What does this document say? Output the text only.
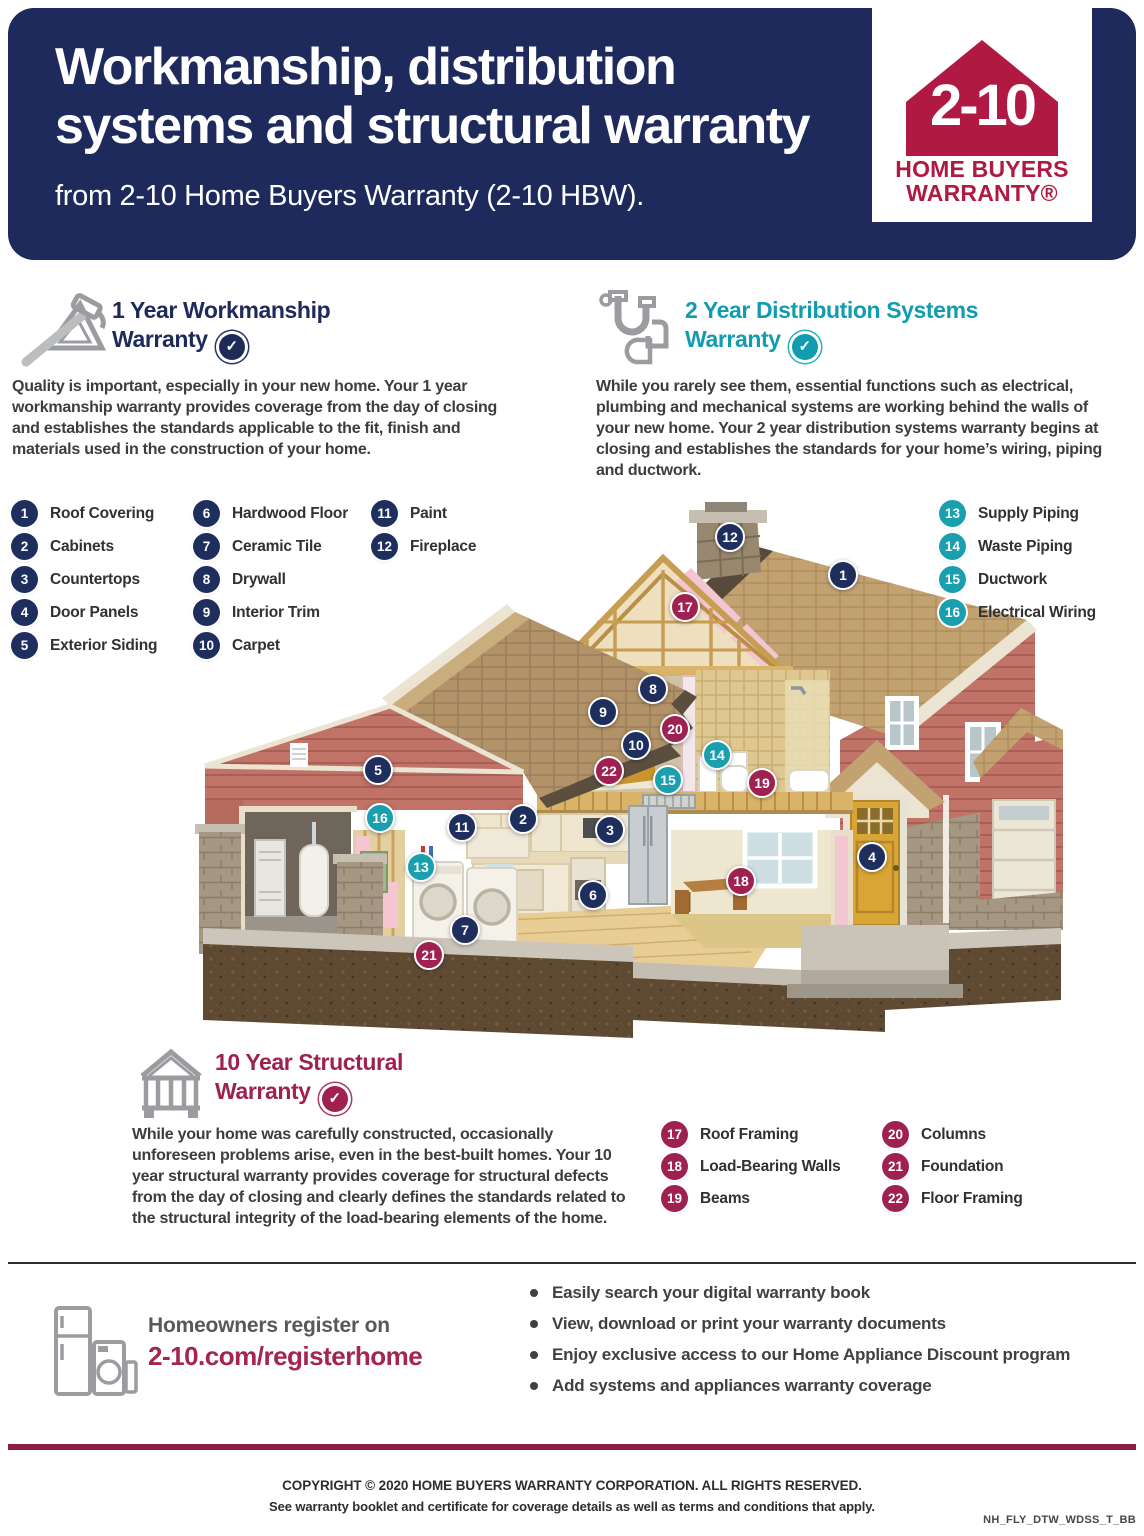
Workmanship, distribution
systems and structural warranty
from 2-10 Home Buyers Warranty (2-10 HBW).
2-10
HOME BUYERS
WARRANTY®
1 Year Workmanship
Warranty ✓
Quality is important, especially in your new home. Your 1 year workmanship warranty provides coverage from the day of closing and establishes the standards applicable to the fit, finish and materials used in the construction of your home.
2 Year Distribution Systems
Warranty ✓
While you rarely see them, essential functions such as electrical, plumbing and mechanical systems are working behind the walls of your new home. Your 2 year distribution systems warranty begins at closing and establishes the standards for your home’s wiring, piping and ductwork.
1 Roof Covering
2 Cabinets
3 Countertops
4 Door Panels
5 Exterior Siding
6 Hardwood Floor
7 Ceramic Tile
8 Drywall
9 Interior Trim
10 Carpet
11 Paint
12 Fireplace
13 Supply Piping
14 Waste Piping
15 Ductwork
16 Electrical Wiring
1
2
3
4
5
6
7
8
9
10
11
12
13
14
15
16
17
18
19
20
21
22
10 Year Structural
Warranty ✓
While your home was carefully constructed, occasionally unforeseen problems arise, even in the best-built homes. Your 10 year structural warranty provides coverage for structural defects from the day of closing and clearly defines the standards related to the structural integrity of the load-bearing elements of the home.
17 Roof Framing
18 Load-Bearing Walls
19 Beams
20 Columns
21 Foundation
22 Floor Framing
Homeowners register on
2-10.com/registerhome
Easily search your digital warranty book
View, download or print your warranty documents
Enjoy exclusive access to our Home Appliance Discount program
Add systems and appliances warranty coverage
COPYRIGHT © 2020 HOME BUYERS WARRANTY CORPORATION. ALL RIGHTS RESERVED.
See warranty booklet and certificate for coverage details as well as terms and conditions that apply.
NH_FLY_DTW_WDSS_T_BB
